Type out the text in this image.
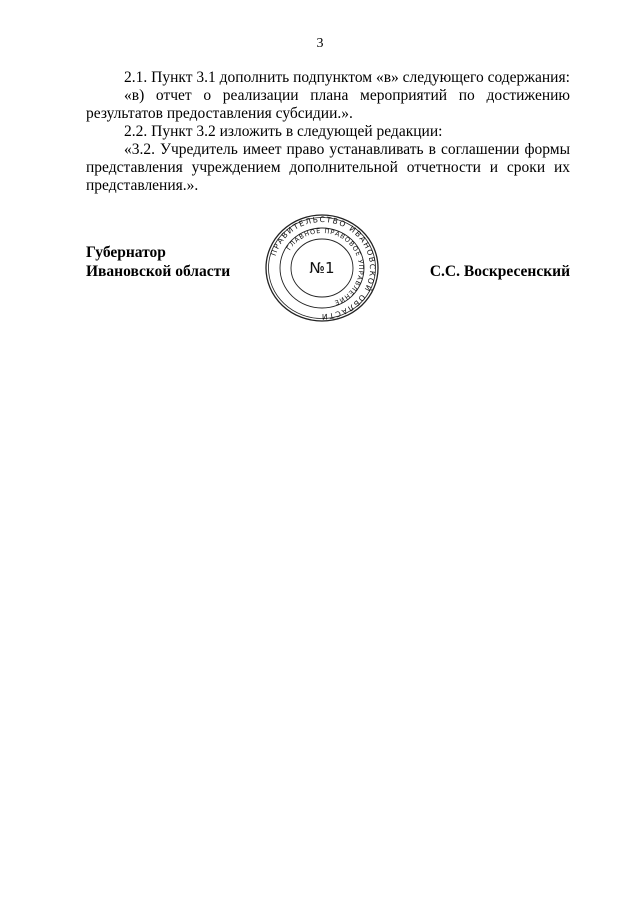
3

2.1. Пункт 3.1 дополнить подпунктом «в» следующего содержания:

«в) отчет о реализации плана мероприятий по достижению результатов предоставления субсидии.».

2.2. Пункт 3.2 изложить в следующей редакции:

«3.2. Учредитель имеет право устанавливать в соглашении формы представления учреждением дополнительной отчетности и сроки их представления.».

Губернатор
Ивановской области
ПРАВИТЕЛЬСТВО ИВАНОВСКОЙ ОБЛАСТИ
ГЛАВНОЕ ПРАВОВОЕ УПРАВЛЕНИЕ
№1	С.С. Воскресенский
